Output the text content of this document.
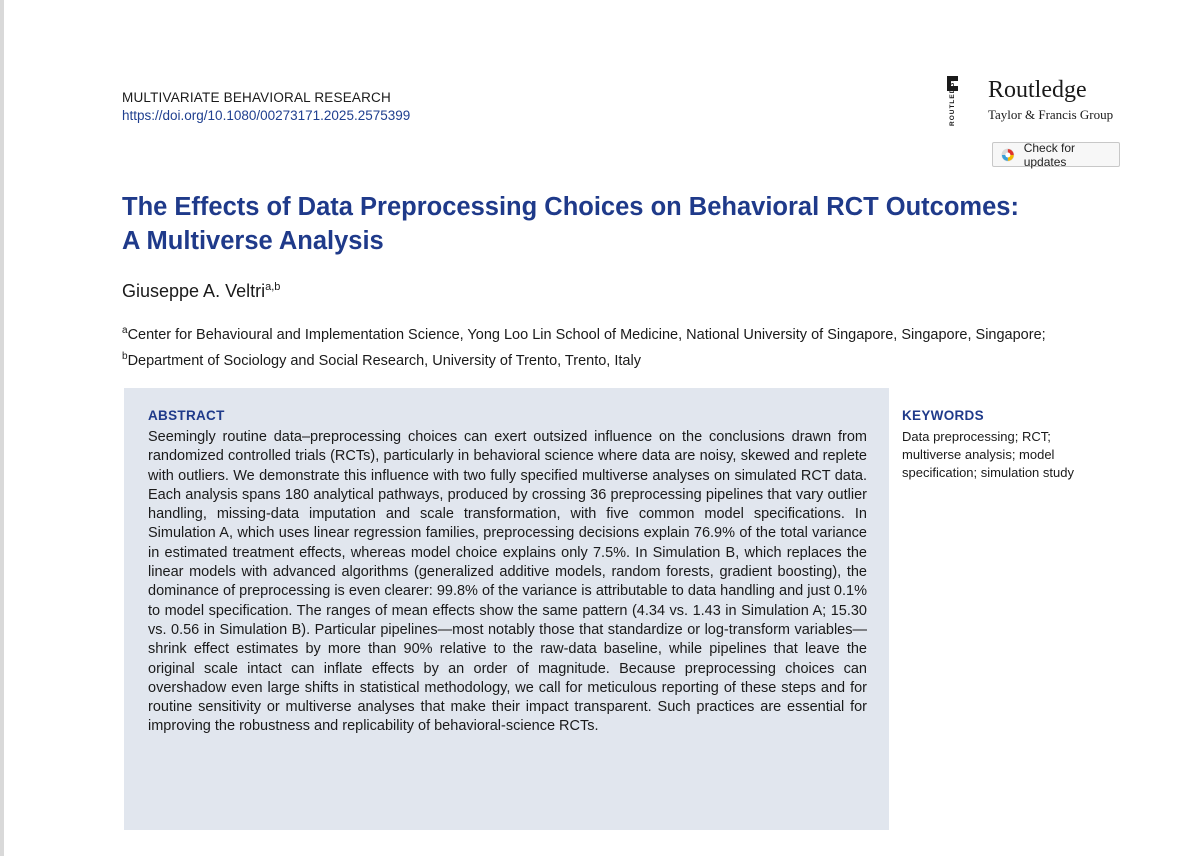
MULTIVARIATE BEHAVIORAL RESEARCH
https://doi.org/10.1080/00273171.2025.2575399	ROUTLEDGE Routledge
Taylor & Francis Group
Check for updates
The Effects of Data Preprocessing Choices on Behavioral RCT Outcomes:
A Multiverse Analysis
Giuseppe A. Veltri$^{a,b}$
$^a$Center for Behavioural and Implementation Science, Yong Loo Lin School of Medicine, National University of Singapore, Singapore, Singapore; $^b$Department of Sociology and Social Research, University of Trento, Trento, Italy
ABSTRACT

Seemingly routine data–preprocessing choices can exert outsized influence on the conclusions drawn from randomized controlled trials (RCTs), particularly in behavioral science where data are noisy, skewed and replete with outliers. We demonstrate this influence with two fully specified multiverse analyses on simulated RCT data. Each analysis spans 180 analytical pathways, produced by crossing 36 preprocessing pipelines that vary outlier handling, missing-data imputation and scale transformation, with five common model specifications. In Simulation A, which uses linear regression families, preprocessing decisions explain 76.9% of the total variance in estimated treatment effects, whereas model choice explains only 7.5%. In Simulation B, which replaces the linear models with advanced algorithms (generalized additive models, random forests, gradient boosting), the dominance of preprocessing is even clearer: 99.8% of the variance is attributable to data handling and just 0.1% to model specification. The ranges of mean effects show the same pattern (4.34 vs. 1.43 in Simulation A; 15.30 vs. 0.56 in Simulation B). Particular pipelines—most notably those that standardize or log-transform variables—shrink effect estimates by more than 90% relative to the raw-data baseline, while pipelines that leave the original scale intact can inflate effects by an order of magnitude. Because preprocessing choices can overshadow even large shifts in statistical methodology, we call for meticulous reporting of these steps and for routine sensitivity or multiverse analyses that make their impact transparent. Such practices are essential for improving the robustness and replicability of behavioral-science RCTs.

KEYWORDS
Data preprocessing; RCT; multiverse analysis; model specification; simulation study
